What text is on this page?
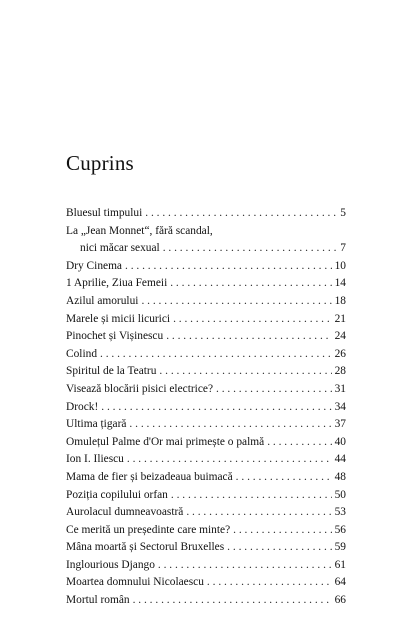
Cuprins
Bluesul timpului . . .	5
La „Jean Monnet“, fără scandal,
nici măcar sexual . . .	7
Dry Cinema . . .	10
1 Aprilie, Ziua Femeii . . .	14
Azilul amorului . . .	18
Marele și micii licurici . . .	21
Pinochet și Vișinescu . . .	24
Colind . . .	26
Spiritul de la Teatru . . .	28
Visează blocării pisici electrice? . . .	31
Drock! . . .	34
Ultima țigară . . .	37
Omulețul Palme d'Or mai primește o palmă . . .	40
Ion I. Iliescu . . .	44
Mama de fier și beizadeaua buimacă . . .	48
Poziția copilului orfan . . .	50
Aurolacul dumneavoastră . . .	53
Ce merită un președinte care minte? . . .	56
Mâna moartă și Sectorul Bruxelles . . .	59
Inglourious Django . . .	61
Moartea domnului Nicolaescu . . .	64
Mortul român . . .	66
